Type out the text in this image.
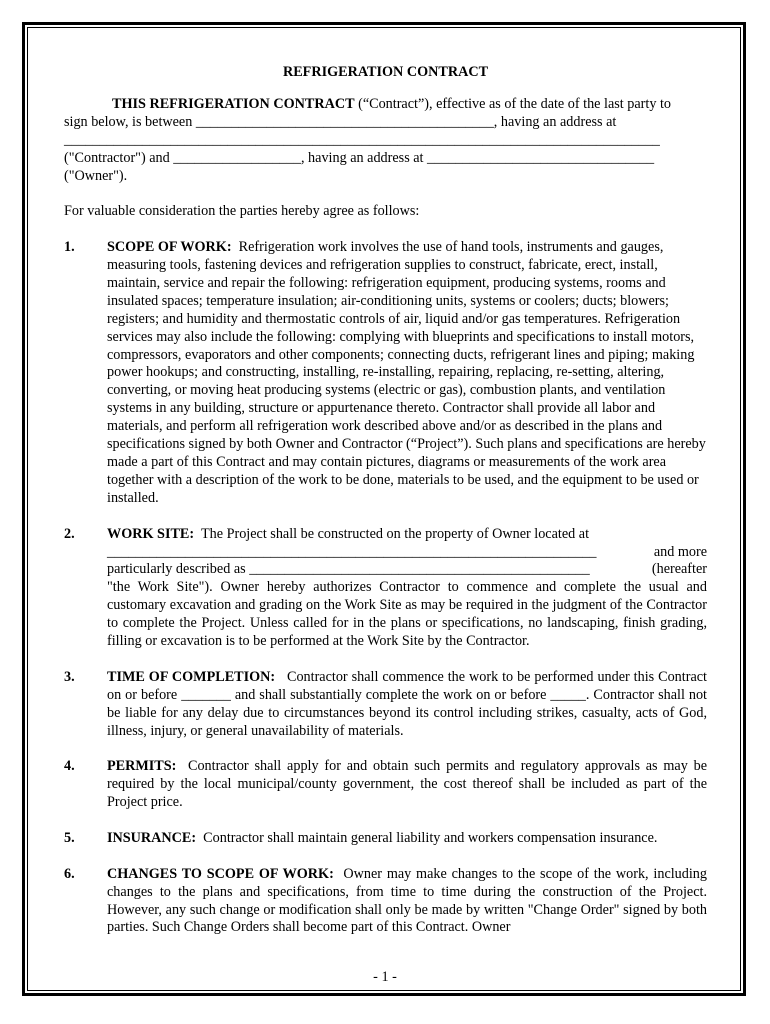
REFRIGERATION CONTRACT

THIS REFRIGERATION CONTRACT (“Contract”), effective as of the date of the last party to

sign below, is between __________________________________________, having an address at

____________________________________________________________________________________

("Contractor") and __________________, having an address at ________________________________

("Owner").

For valuable consideration the parties hereby agree as follows:

1. SCOPE OF WORK: Refrigeration work involves the use of hand tools, instruments and gauges, measuring tools, fastening devices and refrigeration supplies to construct, fabricate, erect, install, maintain, service and repair the following: refrigeration equipment, producing systems, rooms and insulated spaces; temperature insulation; air-conditioning units, systems or coolers; ducts; blowers; registers; and humidity and thermostatic controls of air, liquid and/or gas temperatures. Refrigeration services may also include the following: complying with blueprints and specifications to install motors, compressors, evaporators and other components; connecting ducts, refrigerant lines and piping; making power hookups; and constructing, installing, re-installing, repairing, replacing, re-setting, altering, converting, or moving heat producing systems (electric or gas), combustion plants, and ventilation systems in any building, structure or appurtenance thereto. Contractor shall provide all labor and materials, and perform all refrigeration work described above and/or as described in the plans and specifications signed by both Owner and Contractor (“Project”). Such plans and specifications are hereby made a part of this Contract and may contain pictures, diagrams or measurements of the work area together with a description of the work to be done, materials to be used, and the equipment to be used or installed.

2. WORK SITE: The Project shall be constructed on the property of Owner located at

_____________________________________________________________________	and more

particularly described as ________________________________________________	(hereafter

"the Work Site"). Owner hereby authorizes Contractor to commence and complete the usual and customary excavation and grading on the Work Site as may be required in the judgment of the Contractor to complete the Project. Unless called for in the plans or specifications, no landscaping, finish grading, filling or excavation is to be performed at the Work Site by the Contractor.

3. TIME OF COMPLETION: Contractor shall commence the work to be performed under this Contract on or before _______ and shall substantially complete the work on or before _____. Contractor shall not be liable for any delay due to circumstances beyond its control including strikes, casualty, acts of God, illness, injury, or general unavailability of materials.

4. PERMITS: Contractor shall apply for and obtain such permits and regulatory approvals as may be required by the local municipal/county government, the cost thereof shall be included as part of the Project price.

5. INSURANCE: Contractor shall maintain general liability and workers compensation insurance.

6. CHANGES TO SCOPE OF WORK: Owner may make changes to the scope of the work, including changes to the plans and specifications, from time to time during the construction of the Project. However, any such change or modification shall only be made by written "Change Order" signed by both parties. Such Change Orders shall become part of this Contract. Owner

- 1 -
